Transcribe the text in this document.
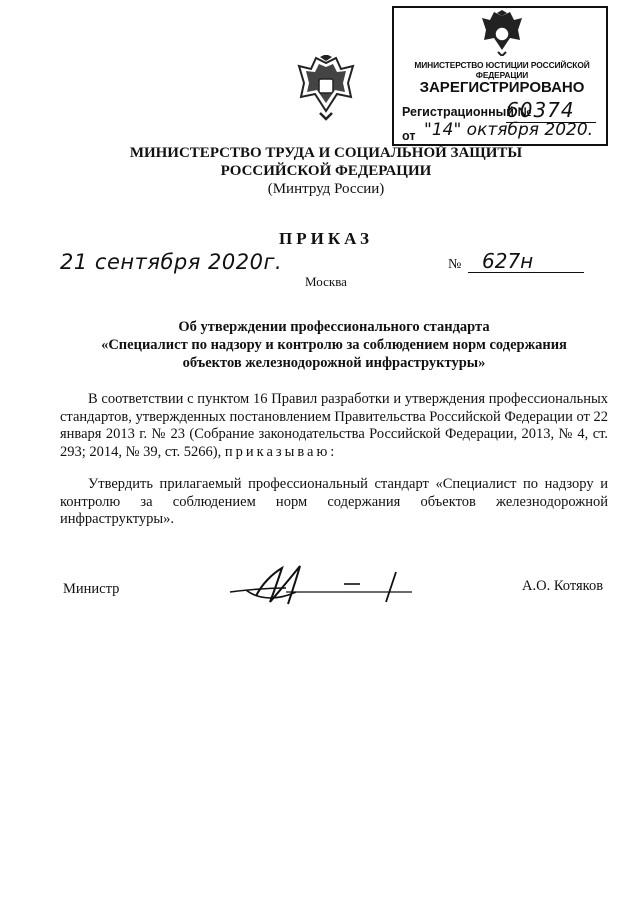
МИНИСТЕРСТВО ЮСТИЦИИ РОССИЙСКОЙ ФЕДЕРАЦИИ
ЗАРЕГИСТРИРОВАНО
Регистрационный №
60374
от "14" октября 2020.
МИНИСТЕРСТВО ТРУДА И СОЦИАЛЬНОЙ ЗАЩИТЫ
РОССИЙСКОЙ ФЕДЕРАЦИИ
(Минтруд России)
ПРИКАЗ
21 сентября 2020г.	№	627н
Москва
Об утверждении профессионального стандарта
«Специалист по надзору и контролю за соблюдением норм содержания
объектов железнодорожной инфраструктуры»
В соответствии с пунктом 16 Правил разработки и утверждения профессиональных стандартов, утвержденных постановлением Правительства Российской Федерации от 22 января 2013 г. № 23 (Собрание законодательства Российской Федерации, 2013, № 4, ст. 293; 2014, № 39, ст. 5266), приказываю:
Утвердить прилагаемый профессиональный стандарт «Специалист по надзору и контролю за соблюдением норм содержания объектов железнодорожной инфраструктуры».
Министр	А.О. Котяков
